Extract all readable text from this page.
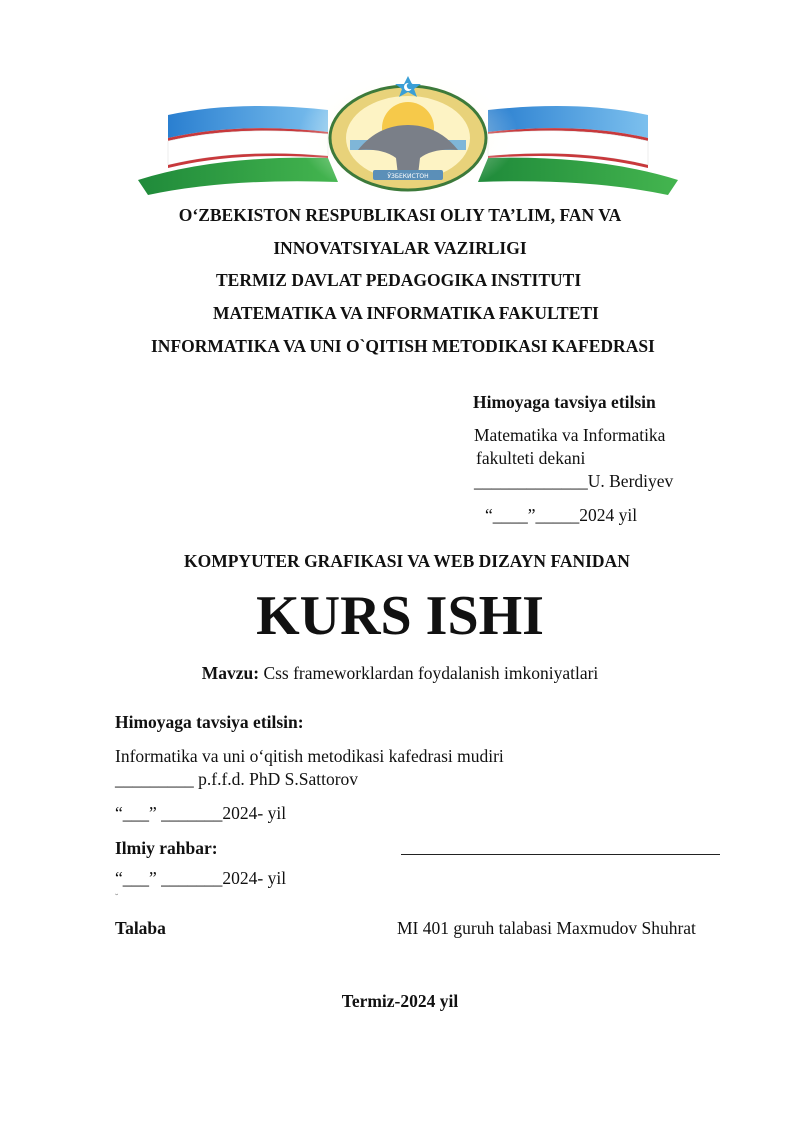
ЎЗБЕКИСТОН
O‘ZBEKISTON RESPUBLIKASI OLIY TA’LIM, FAN VA
INNOVATSIYALAR VAZIRLIGI
TERMIZ DAVLAT PEDAGOGIKA INSTITUTI
MATEMATIKA VA INFORMATIKA FAKULTETI
INFORMATIKA VA UNI O`QITISH METODIKASI KAFEDRASI
Himoyaga tavsiya etilsin
Matematika va Informatika
fakulteti dekani
_____________U. Berdiyev
“____”_____2024 yil
KOMPYUTER GRAFIKASI VA WEB DIZAYN FANIDAN
KURS ISHI
Mavzu: Css frameworklardan foydalanish imkoniyatlari
Himoyaga tavsiya etilsin:
Informatika va uni o‘qitish metodikasi kafedrasi mudiri
_________ p.f.f.d. PhD S.Sattorov
“___” _______2024- yil
Ilmiy rahbar:
“___” _______2024- yil
˘
Talaba	MI 401 guruh talabasi Maxmudov Shuhrat
Termiz-2024 yil
